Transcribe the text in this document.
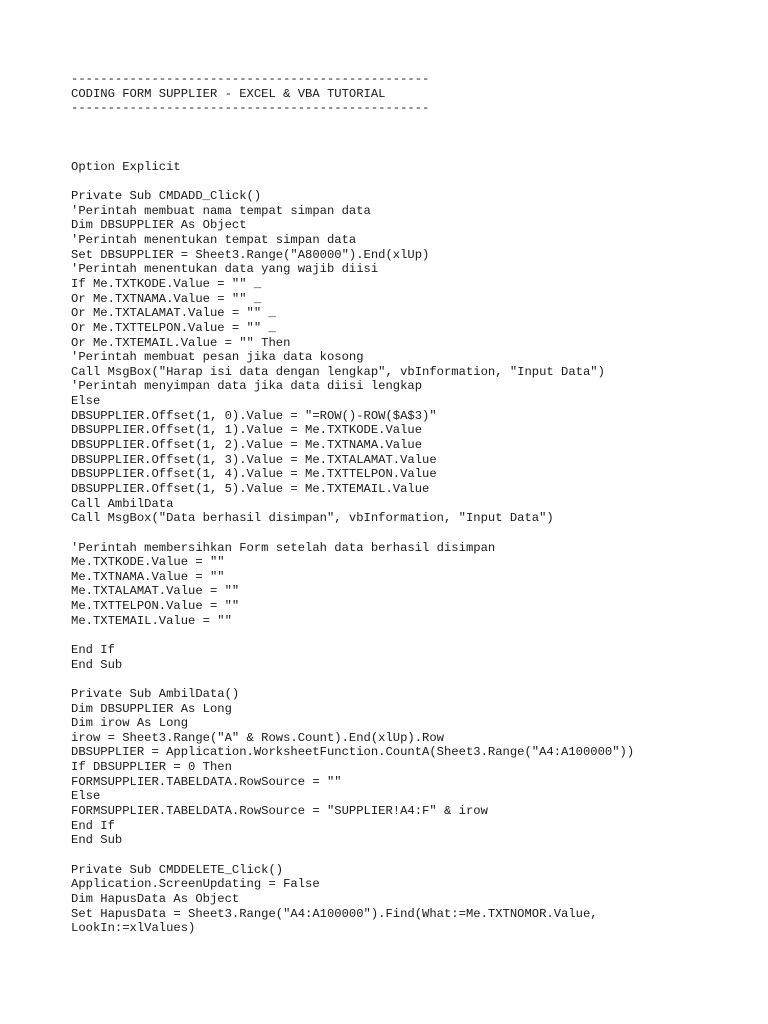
-------------------------------------------------
CODING FORM SUPPLIER - EXCEL & VBA TUTORIAL
-------------------------------------------------
Option Explicit
Private Sub CMDADD_Click()
'Perintah membuat nama tempat simpan data
Dim DBSUPPLIER As Object
'Perintah menentukan tempat simpan data
Set DBSUPPLIER = Sheet3.Range("A80000").End(xlUp)
'Perintah menentukan data yang wajib diisi
If Me.TXTKODE.Value = "" _
Or Me.TXTNAMA.Value = "" _
Or Me.TXTALAMAT.Value = "" _
Or Me.TXTTELPON.Value = "" _
Or Me.TXTEMAIL.Value = "" Then
'Perintah membuat pesan jika data kosong
Call MsgBox("Harap isi data dengan lengkap", vbInformation, "Input Data")
'Perintah menyimpan data jika data diisi lengkap
Else
DBSUPPLIER.Offset(1, 0).Value = "=ROW()-ROW($A$3)"
DBSUPPLIER.Offset(1, 1).Value = Me.TXTKODE.Value
DBSUPPLIER.Offset(1, 2).Value = Me.TXTNAMA.Value
DBSUPPLIER.Offset(1, 3).Value = Me.TXTALAMAT.Value
DBSUPPLIER.Offset(1, 4).Value = Me.TXTTELPON.Value
DBSUPPLIER.Offset(1, 5).Value = Me.TXTEMAIL.Value
Call AmbilData
Call MsgBox("Data berhasil disimpan", vbInformation, "Input Data")
'Perintah membersihkan Form setelah data berhasil disimpan
Me.TXTKODE.Value = ""
Me.TXTNAMA.Value = ""
Me.TXTALAMAT.Value = ""
Me.TXTTELPON.Value = ""
Me.TXTEMAIL.Value = ""
End If
End Sub
Private Sub AmbilData()
Dim DBSUPPLIER As Long
Dim irow As Long
irow = Sheet3.Range("A" & Rows.Count).End(xlUp).Row
DBSUPPLIER = Application.WorksheetFunction.CountA(Sheet3.Range("A4:A100000"))
If DBSUPPLIER = 0 Then
FORMSUPPLIER.TABELDATA.RowSource = ""
Else
FORMSUPPLIER.TABELDATA.RowSource = "SUPPLIER!A4:F" & irow
End If
End Sub
Private Sub CMDDELETE_Click()
Application.ScreenUpdating = False
Dim HapusData As Object
Set HapusData = Sheet3.Range("A4:A100000").Find(What:=Me.TXTNOMOR.Value,
LookIn:=xlValues)
